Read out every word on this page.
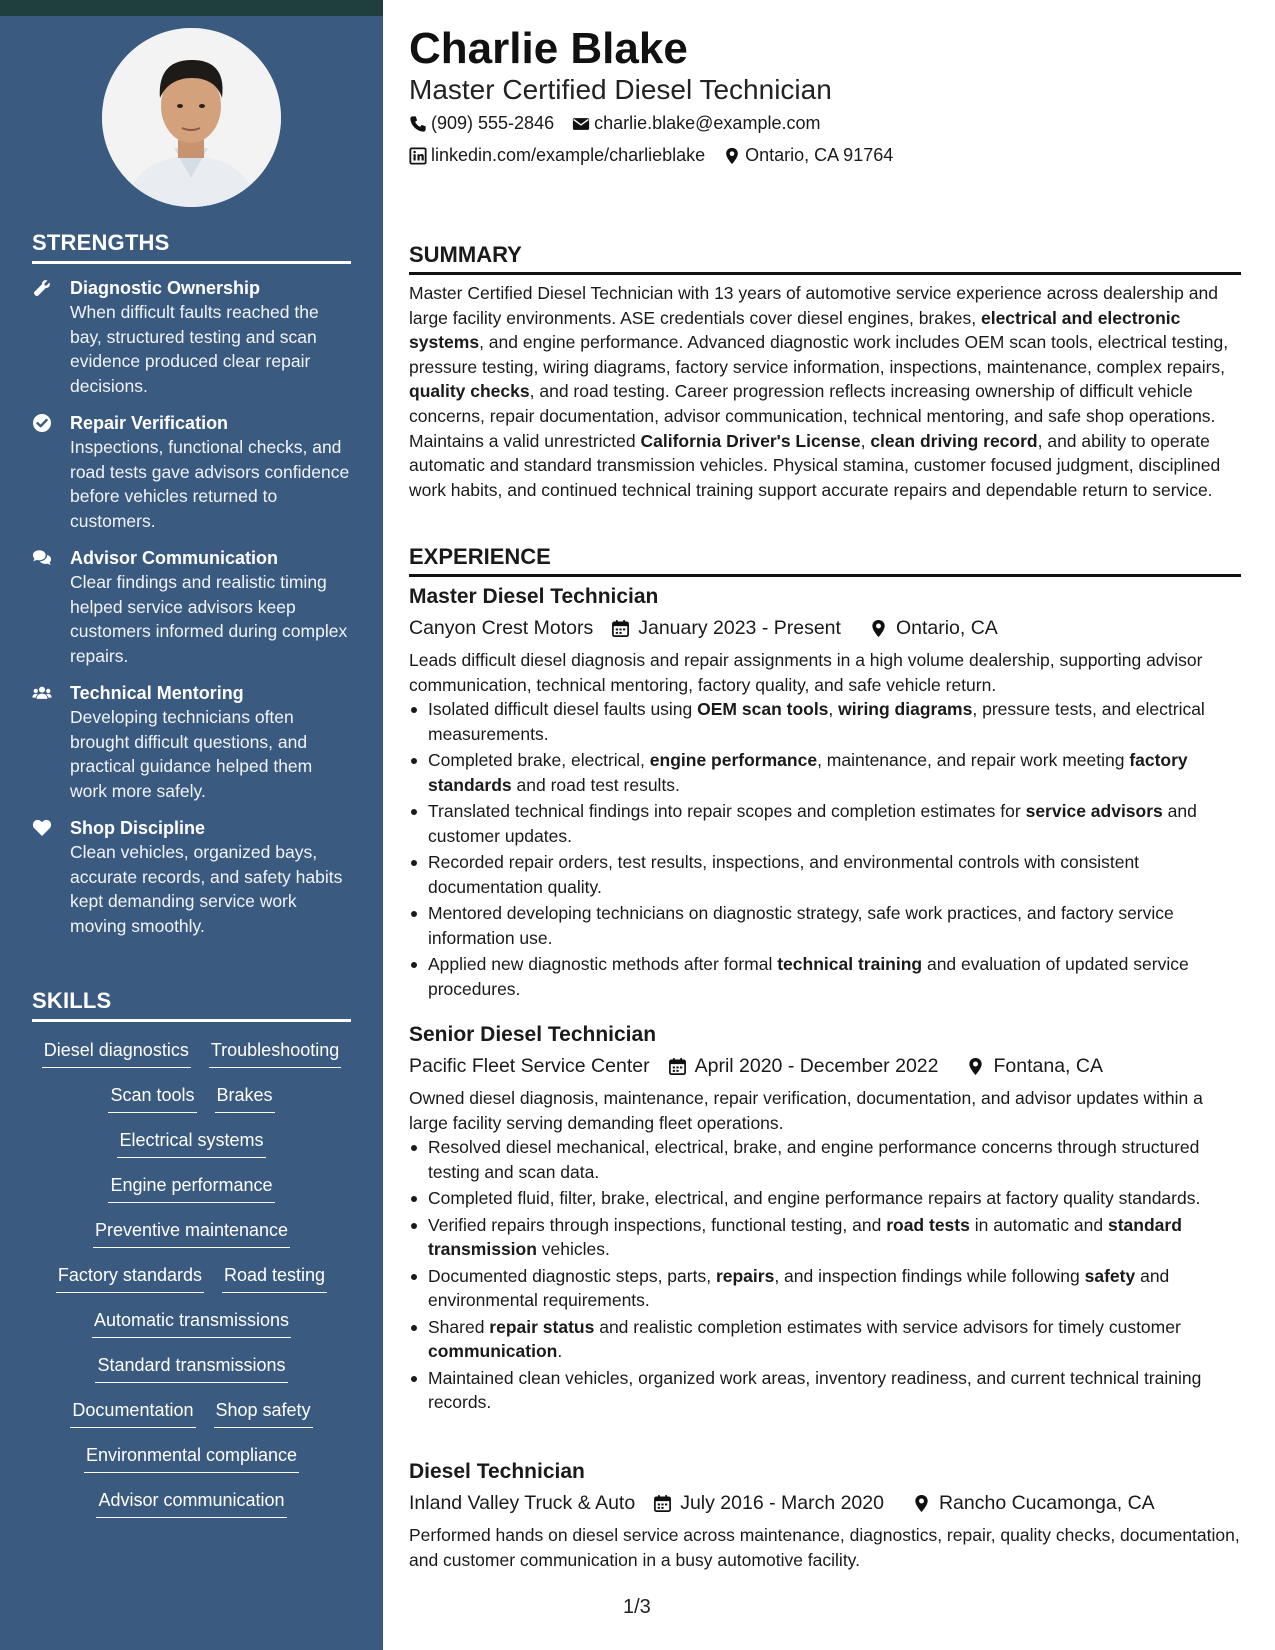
STRENGTHS
Diagnostic Ownership
When difficult faults reached the bay, structured testing and scan evidence produced clear repair decisions.
Repair Verification
Inspections, functional checks, and road tests gave advisors confidence before vehicles returned to customers.
Advisor Communication
Clear findings and realistic timing helped service advisors keep customers informed during complex repairs.
Technical Mentoring
Developing technicians often brought difficult questions, and practical guidance helped them work more safely.
Shop Discipline
Clean vehicles, organized bays, accurate records, and safety habits kept demanding service work moving smoothly.
SKILLS
Diesel diagnostics Troubleshooting
Scan tools Brakes
Electrical systems
Engine performance
Preventive maintenance
Factory standards Road testing
Automatic transmissions
Standard transmissions
Documentation Shop safety
Environmental compliance
Advisor communication
Charlie Blake
Master Certified Diesel Technician
(909) 555-2846 charlie.blake@example.com
linkedin.com/example/charlieblake Ontario, CA 91764
SUMMARY

Master Certified Diesel Technician with 13 years of automotive service experience across dealership and large facility environments. ASE credentials cover diesel engines, brakes, electrical and electronic systems, and engine performance. Advanced diagnostic work includes OEM scan tools, electrical testing, pressure testing, wiring diagrams, factory service information, inspections, maintenance, complex repairs, quality checks, and road testing. Career progression reflects increasing ownership of difficult vehicle concerns, repair documentation, advisor communication, technical mentoring, and safe shop operations. Maintains a valid unrestricted California Driver's License, clean driving record, and ability to operate automatic and standard transmission vehicles. Physical stamina, customer focused judgment, disciplined work habits, and continued technical training support accurate repairs and dependable return to service.

EXPERIENCE
Master Diesel Technician
Canyon Crest Motors January 2023 - Present	Ontario, CA

Leads difficult diesel diagnosis and repair assignments in a high volume dealership, supporting advisor communication, technical mentoring, factory quality, and safe vehicle return.

Isolated difficult diesel faults using OEM scan tools, wiring diagrams, pressure tests, and electrical measurements.
Completed brake, electrical, engine performance, maintenance, and repair work meeting factory standards and road test results.
Translated technical findings into repair scopes and completion estimates for service advisors and customer updates.
Recorded repair orders, test results, inspections, and environmental controls with consistent documentation quality.
Mentored developing technicians on diagnostic strategy, safe work practices, and factory service information use.
Applied new diagnostic methods after formal technical training and evaluation of updated service procedures.
Senior Diesel Technician
Pacific Fleet Service Center April 2020 - December 2022	Fontana, CA

Owned diesel diagnosis, maintenance, repair verification, documentation, and advisor updates within a large facility serving demanding fleet operations.

Resolved diesel mechanical, electrical, brake, and engine performance concerns through structured testing and scan data.
Completed fluid, filter, brake, electrical, and engine performance repairs at factory quality standards.
Verified repairs through inspections, functional testing, and road tests in automatic and standard transmission vehicles.
Documented diagnostic steps, parts, repairs, and inspection findings while following safety and environmental requirements.
Shared repair status and realistic completion estimates with service advisors for timely customer communication.
Maintained clean vehicles, organized work areas, inventory readiness, and current technical training records.
Diesel Technician
Inland Valley Truck & Auto July 2016 - March 2020	Rancho Cucamonga, CA

Performed hands on diesel service across maintenance, diagnostics, repair, quality checks, documentation, and customer communication in a busy automotive facility.

1/3
